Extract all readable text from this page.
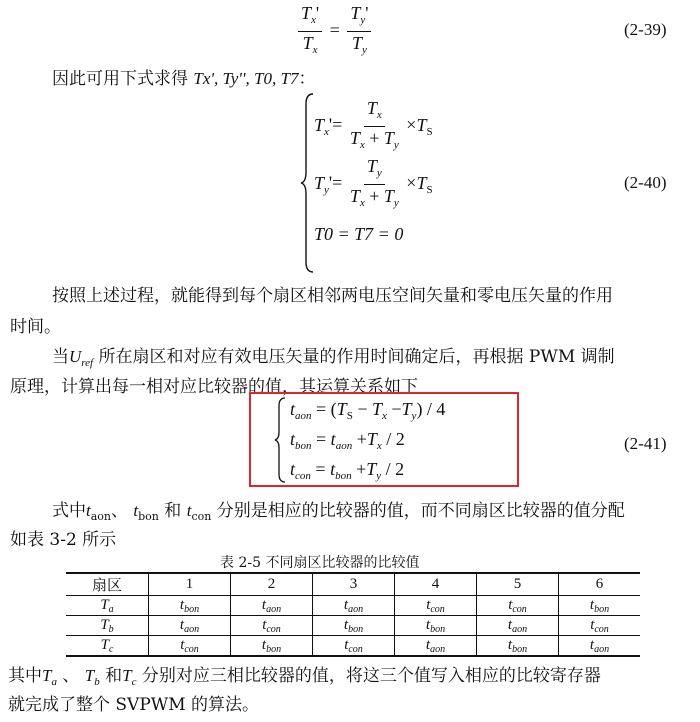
$\frac{T_x'}{T_x} = \frac{T_y'}{T_y}$	(2-39)
因此可用下式求得 Tx', Ty'', T0, T7：
$T_x'= \frac{T_x}{T_x + T_y} \times T_S$
$T_y'= \frac{T_y}{T_x + T_y} \times T_S$
T0 = T7 = 0
(2-40)
按照上述过程，就能得到每个扇区相邻两电压空间矢量和零电压矢量的作用
时间。
当$U_{ref}$ 所在扇区和对应有效电压矢量的作用时间确定后，再根据 PWM 调制
原理，计算出每一相对应比较器的值，其运算关系如下
$t_{aon} = (T_S - T_x -T_y) / 4$
$t_{bon} = t_{aon} +T_x / 2$
$t_{con} = t_{bon} +T_y / 2$
(2-41)
式中$t_{aon}$、 $t_{bon}$ 和 $t_{con}$ 分别是相应的比较器的值，而不同扇区比较器的值分配
如表 3-2 所示
表 2-5 不同扇区比较器的比较值
扇区	1	2	3	4	5	6
$T_a$	$t_{bon}$	$t_{aon}$	$t_{aon}$	$t_{con}$	$t_{con}$	$t_{bon}$
$T_b$	$t_{aon}$	$t_{con}$	$t_{bon}$	$t_{bon}$	$t_{aon}$	$t_{con}$
$T_c$	$t_{con}$	$t_{bon}$	$t_{con}$	$t_{aon}$	$t_{bon}$	$t_{aon}$
其中$T_a$ 、 $T_b$ 和$T_c$ 分别对应三相比较器的值，将这三个值写入相应的比较寄存器
就完成了整个 SVPWM 的算法。
